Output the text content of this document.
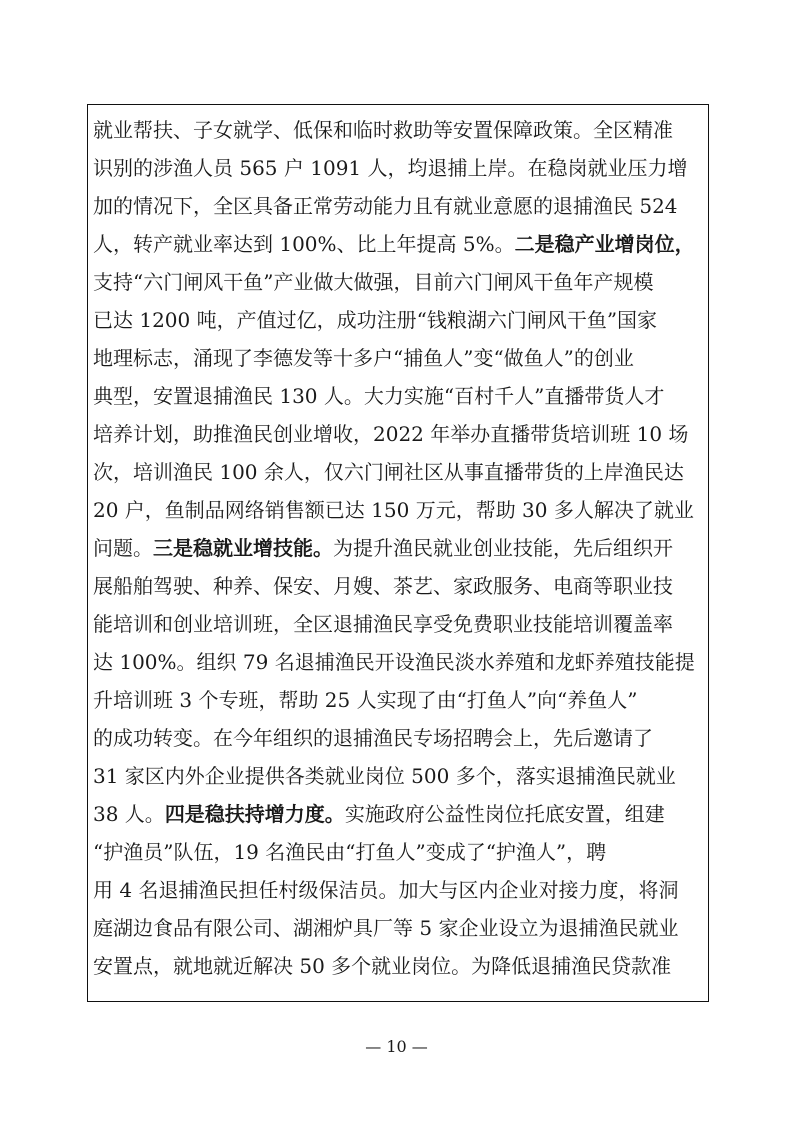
就业帮扶、子女就学、低保和临时救助等安置保障政策。全区精准
识别的涉渔人员 565 户 1091 人，均退捕上岸。在稳岗就业压力增
加的情况下，全区具备正常劳动能力且有就业意愿的退捕渔民 524
人，转产就业率达到 100%、比上年提高 5%。二是稳产业增岗位，
支持“六门闸风干鱼”产业做大做强，目前六门闸风干鱼年产规模
已达 1200 吨，产值过亿，成功注册“钱粮湖六门闸风干鱼”国家
地理标志，涌现了李德发等十多户“捕鱼人”变“做鱼人”的创业
典型，安置退捕渔民 130 人。大力实施“百村千人”直播带货人才
培养计划，助推渔民创业增收，2022 年举办直播带货培训班 10 场
次，培训渔民 100 余人，仅六门闸社区从事直播带货的上岸渔民达
20 户，鱼制品网络销售额已达 150 万元，帮助 30 多人解决了就业
问题。三是稳就业增技能。为提升渔民就业创业技能，先后组织开
展船舶驾驶、种养、保安、月嫂、茶艺、家政服务、电商等职业技
能培训和创业培训班，全区退捕渔民享受免费职业技能培训覆盖率
达 100%。组织 79 名退捕渔民开设渔民淡水养殖和龙虾养殖技能提
升培训班 3 个专班，帮助 25 人实现了由“打鱼人”向“养鱼人”
的成功转变。在今年组织的退捕渔民专场招聘会上，先后邀请了
31 家区内外企业提供各类就业岗位 500 多个，落实退捕渔民就业
38 人。四是稳扶持增力度。实施政府公益性岗位托底安置，组建
“护渔员”队伍，19 名渔民由“打鱼人”变成了“护渔人”，聘
用 4 名退捕渔民担任村级保洁员。加大与区内企业对接力度，将洞
庭湖边食品有限公司、湖湘炉具厂等 5 家企业设立为退捕渔民就业
安置点，就地就近解决 50 多个就业岗位。为降低退捕渔民贷款准
— 10 —
